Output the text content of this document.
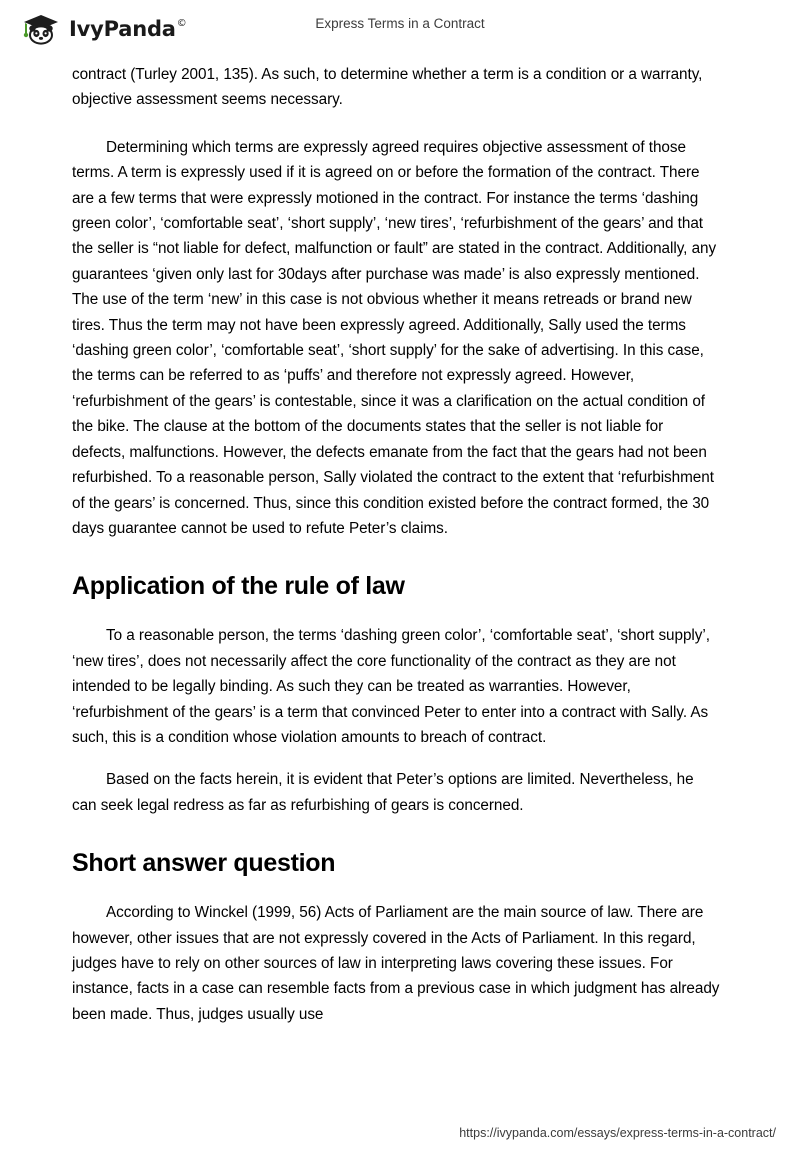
IvyPanda©	Express Terms in a Contract

contract (Turley 2001, 135). As such, to determine whether a term is a condition or a warranty, objective assessment seems necessary.

Determining which terms are expressly agreed requires objective assessment of those terms. A term is expressly used if it is agreed on or before the formation of the contract. There are a few terms that were expressly motioned in the contract. For instance the terms ‘dashing green color’, ‘comfortable seat’, ‘short supply’, ‘new tires’, ‘refurbishment of the gears’ and that the seller is “not liable for defect, malfunction or fault” are stated in the contract. Additionally, any guarantees ‘given only last for 30days after purchase was made’ is also expressly mentioned. The use of the term ‘new’ in this case is not obvious whether it means retreads or brand new tires. Thus the term may not have been expressly agreed. Additionally, Sally used the terms ‘dashing green color’, ‘comfortable seat’, ‘short supply’ for the sake of advertising. In this case, the terms can be referred to as ‘puffs’ and therefore not expressly agreed. However, ‘refurbishment of the gears’ is contestable, since it was a clarification on the actual condition of the bike. The clause at the bottom of the documents states that the seller is not liable for defects, malfunctions. However, the defects emanate from the fact that the gears had not been refurbished. To a reasonable person, Sally violated the contract to the extent that ‘refurbishment of the gears’ is concerned. Thus, since this condition existed before the contract formed, the 30 days guarantee cannot be used to refute Peter’s claims.

Application of the rule of law

To a reasonable person, the terms ‘dashing green color’, ‘comfortable seat’, ‘short supply’, ‘new tires’, does not necessarily affect the core functionality of the contract as they are not intended to be legally binding. As such they can be treated as warranties. However, ‘refurbishment of the gears’ is a term that convinced Peter to enter into a contract with Sally. As such, this is a condition whose violation amounts to breach of contract.

Based on the facts herein, it is evident that Peter’s options are limited. Nevertheless, he can seek legal redress as far as refurbishing of gears is concerned.

Short answer question

According to Winckel (1999, 56) Acts of Parliament are the main source of law. There are however, other issues that are not expressly covered in the Acts of Parliament. In this regard, judges have to rely on other sources of law in interpreting laws covering these issues. For instance, facts in a case can resemble facts from a previous case in which judgment has already been made. Thus, judges usually use

https://ivypanda.com/essays/express-terms-in-a-contract/
